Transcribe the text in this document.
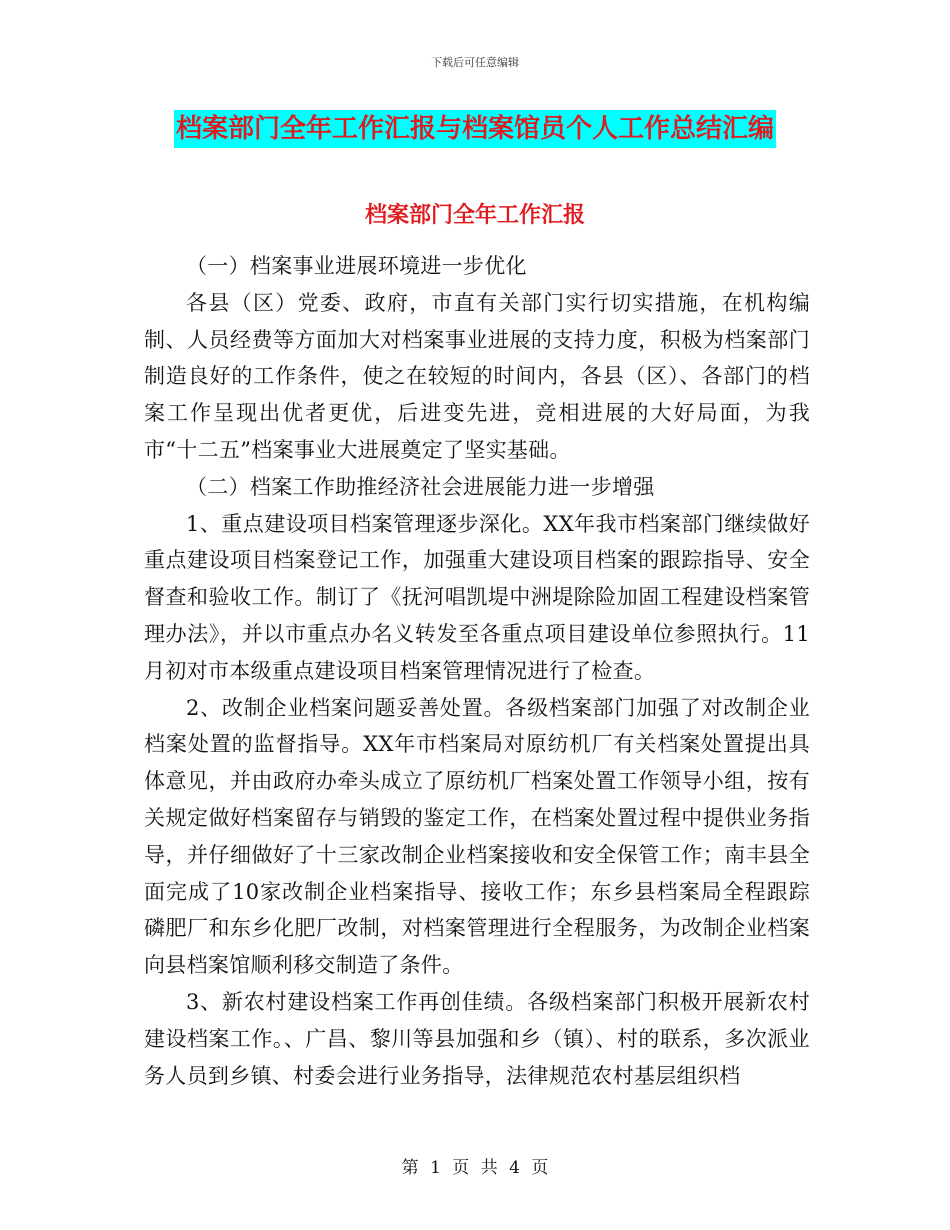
下载后可任意编辑
档案部门全年工作汇报与档案馆员个人工作总结汇编
档案部门全年工作汇报

（一）档案事业进展环境进一步优化

各县（区）党委、政府，市直有关部门实行切实措施，在机构编制、人员经费等方面加大对档案事业进展的支持力度，积极为档案部门制造良好的工作条件，使之在较短的时间内，各县（区）、各部门的档案工作呈现出优者更优，后进变先进，竞相进展的大好局面，为我市“十二五”档案事业大进展奠定了坚实基础。

（二）档案工作助推经济社会进展能力进一步增强

1、重点建设项目档案管理逐步深化。XX年我市档案部门继续做好重点建设项目档案登记工作，加强重大建设项目档案的跟踪指导、安全督查和验收工作。制订了《抚河唱凯堤中洲堤除险加固工程建设档案管理办法》，并以市重点办名义转发至各重点项目建设单位参照执行。11月初对市本级重点建设项目档案管理情况进行了检查。

2、改制企业档案问题妥善处置。各级档案部门加强了对改制企业档案处置的监督指导。XX年市档案局对原纺机厂有关档案处置提出具体意见，并由政府办牵头成立了原纺机厂档案处置工作领导小组，按有关规定做好档案留存与销毁的鉴定工作，在档案处置过程中提供业务指导，并仔细做好了十三家改制企业档案接收和安全保管工作；南丰县全面完成了10家改制企业档案指导、接收工作；东乡县档案局全程跟踪磷肥厂和东乡化肥厂改制，对档案管理进行全程服务，为改制企业档案向县档案馆顺利移交制造了条件。

3、新农村建设档案工作再创佳绩。各级档案部门积极开展新农村建设档案工作。、广昌、黎川等县加强和乡（镇）、村的联系，多次派业务人员到乡镇、村委会进行业务指导，法律规范农村基层组织档

第 1 页 共 4 页
